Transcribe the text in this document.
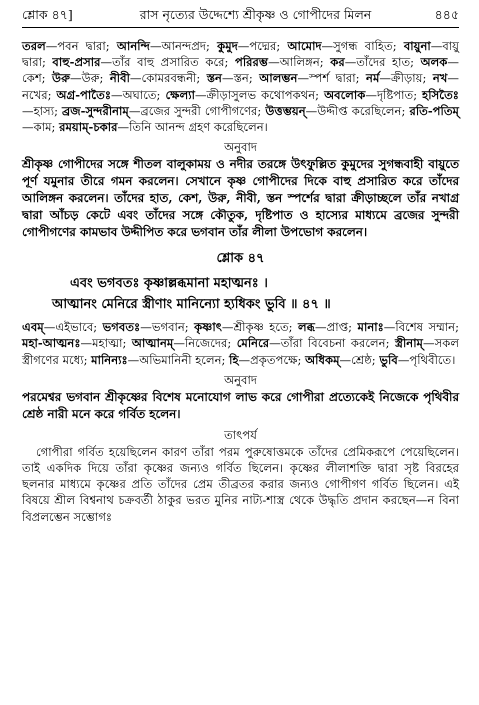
শ্লোক ৪৭]	রাস নৃত্যের উদ্দেশ্যে শ্রীকৃষ্ণ ও গোপীদের মিলন	৪৪৫

তরল—পবন দ্বারা; আনন্দি—আনন্দপ্রদ; কুমুদ—পদ্মের; আমোদ—সুগন্ধ বাহিত; বায়ুনা—বায়ু দ্বারা; বাহু-প্রসার—তাঁর বাহু প্রসারিত করে; পরিরম্ভ—আলিঙ্গন; কর—তাঁদের হাত; অলক—কেশ; উরু—উরু; নীবী—কোমরবন্ধনী; স্তন—স্তন; আলম্ভন—স্পর্শ দ্বারা; নর্ম—ক্রীড়ায়; নখ—নখের; অগ্র-পাতৈঃ—অঘাতে; ক্ষেল্যা—ক্রীড়াসুলভ কথোপকথন; অবলোক—দৃষ্টিপাত; হসিতৈঃ—হাস্য; ব্রজ-সুন্দরীনাম্—ব্রজের সুন্দরী গোপীগণের; উত্তম্ভয়ন্—উদ্দীপ্ত করেছিলেন; রতি-পতিম্—কাম; রময়াম্-চকার—তিনি আনন্দ গ্রহণ করেছিলেন।

অনুবাদ

শ্রীকৃষ্ণ গোপীদের সঙ্গে শীতল বালুকাময় ও নদীর তরঙ্গে উৎফুল্লিত কুমুদের সুগন্ধবাহী বায়ুতে পূর্ণ যমুনার তীরে গমন করলেন। সেখানে কৃষ্ণ গোপীদের দিকে বাহু প্রসারিত করে তাঁদের আলিঙ্গন করলেন। তাঁদের হাত, কেশ, উরু, নীবী, স্তন স্পর্শের দ্বারা ক্রীড়াচ্ছলে তাঁর নখাগ্র দ্বারা আঁচড় কেটে এবং তাঁদের সঙ্গে কৌতুক, দৃষ্টিপাত ও হাস্যের মাধ্যমে ব্রজের সুন্দরী গোপীগণের কামভাব উদ্দীপিত করে ভগবান তাঁর লীলা উপভোগ করলেন।

শ্লোক ৪৭
এবং ভগবতঃ কৃষ্ণাল্লব্ধমানা মহাত্মনঃ ।
আত্মানং মেনিরে স্ত্রীণাং মানিন্যো হ্যধিকং ভুবি ॥ ৪৭ ॥

এবম্—এইভাবে; ভগবতঃ—ভগবান; কৃষ্ণাৎ—শ্রীকৃষ্ণ হতে; লব্ধ—প্রাপ্ত; মানাঃ—বিশেষ সম্মান; মহা-আত্মনঃ—মহাত্মা; আত্মানম্—নিজেদের; মেনিরে—তাঁরা বিবেচনা করলেন; স্ত্রীনাম্—সকল স্ত্রীগণের মধ্যে; মানিন্যঃ—অভিমানিনী হলেন; হি—প্রকৃতপক্ষে; অধিকম্—শ্রেষ্ঠ; ভুবি—পৃথিবীতে।

অনুবাদ

পরমেশ্বর ভগবান শ্রীকৃষ্ণের বিশেষ মনোযোগ লাভ করে গোপীরা প্রত্যেকেই নিজেকে পৃথিবীর শ্রেষ্ঠ নারী মনে করে গর্বিত হলেন।

তাৎপর্য

গোপীরা গর্বিত হয়েছিলেন কারণ তাঁরা পরম পুরুষোত্তমকে তাঁদের প্রেমিকরূপে পেয়েছিলেন। তাই একদিক দিয়ে তাঁরা কৃষ্ণের জন্যও গর্বিত ছিলেন। কৃষ্ণের লীলাশক্তি দ্বারা সৃষ্ট বিরহের ছলনার মাধ্যমে কৃষ্ণের প্রতি তাঁদের প্রেম তীব্রতর করার জন্যও গোপীগণ গর্বিত ছিলেন। এই বিষয়ে শ্রীল বিশ্বনাথ চক্রবর্তী ঠাকুর ভরত মুনির নাট্য-শাস্ত্র থেকে উদ্ধৃতি প্রদান করছেন—ন বিনা বিপ্রলম্ভেন সম্ভোগঃ
